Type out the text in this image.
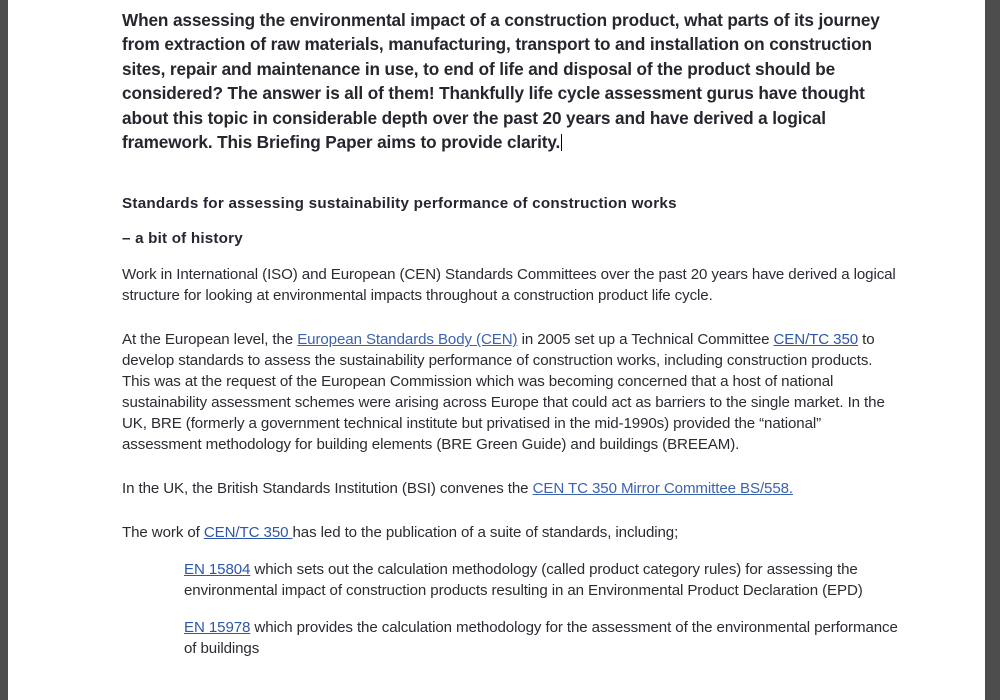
When assessing the environmental impact of a construction product, what parts of its journey from extraction of raw materials, manufacturing, transport to and installation on construction sites, repair and maintenance in use, to end of life and disposal of the product should be considered? The answer is all of them! Thankfully life cycle assessment gurus have thought about this topic in considerable depth over the past 20 years and have derived a logical framework. This Briefing Paper aims to provide clarity.

Standards for assessing sustainability performance of construction works
– a bit of history

Work in International (ISO) and European (CEN) Standards Committees over the past 20 years have derived a logical structure for looking at environmental impacts throughout a construction product life cycle.

At the European level, the European Standards Body (CEN) in 2005 set up a Technical Committee CEN/TC 350 to develop standards to assess the sustainability performance of construction works, including construction products. This was at the request of the European Commission which was becoming concerned that a host of national sustainability assessment schemes were arising across Europe that could act as barriers to the single market. In the UK, BRE (formerly a government technical institute but privatised in the mid-1990s) provided the “national” assessment methodology for building elements (BRE Green Guide) and buildings (BREEAM).

In the UK, the British Standards Institution (BSI) convenes the CEN TC 350 Mirror Committee BS/558.

The work of CEN/TC 350 has led to the publication of a suite of standards, including;

EN 15804 which sets out the calculation methodology (called product category rules) for assessing the environmental impact of construction products resulting in an Environmental Product Declaration (EPD)

EN 15978 which provides the calculation methodology for the assessment of the environmental performance of buildings
